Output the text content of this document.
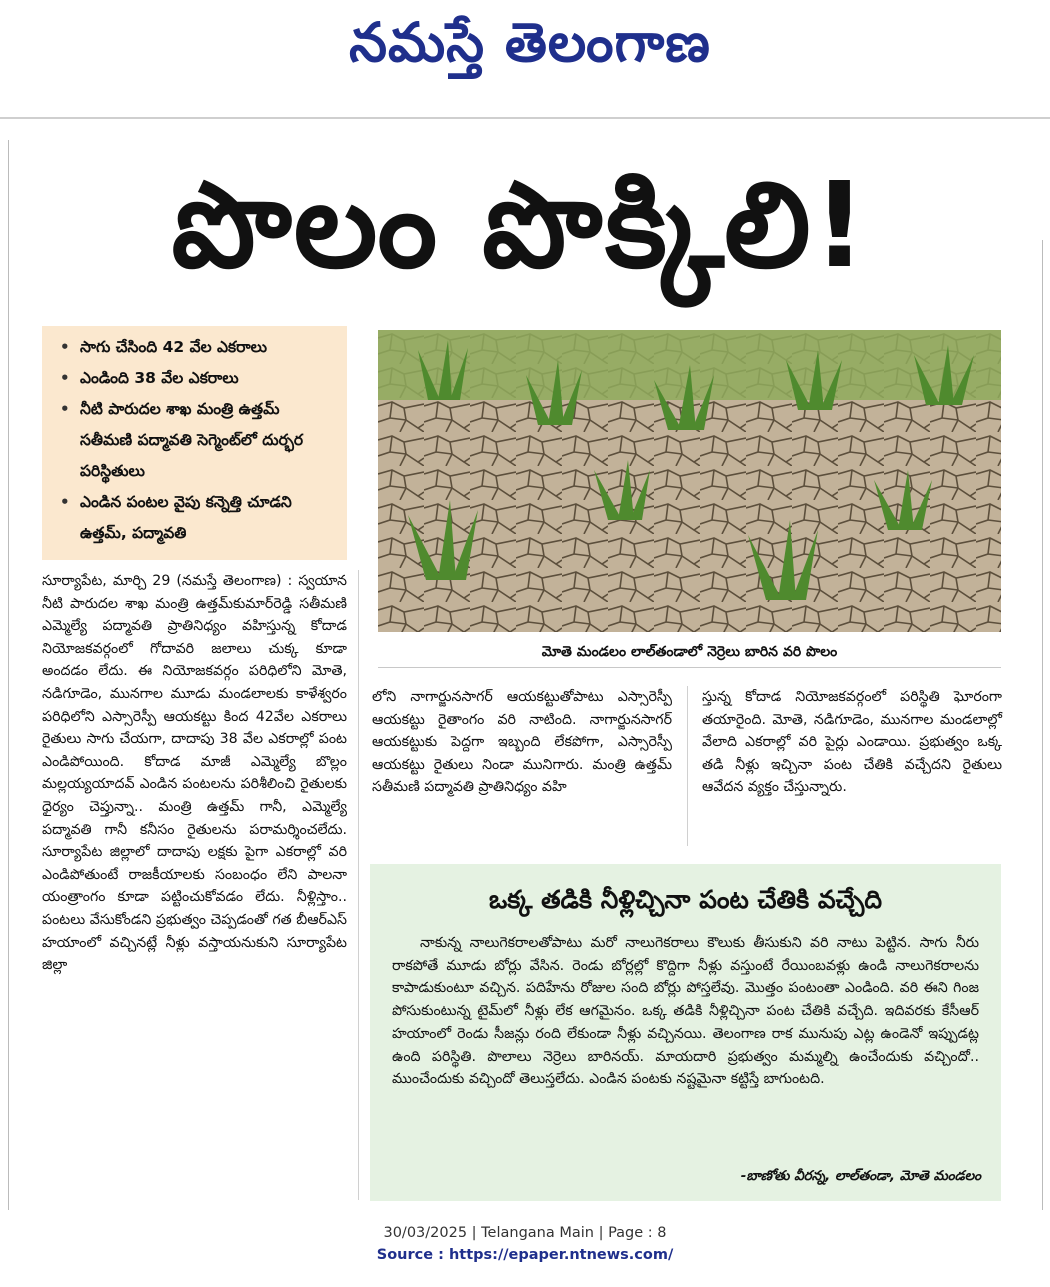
నమస్తే తెలంగాణ
పొలం పొక్కిలి!
• సాగు చేసింది 42 వేల ఎకరాలు
• ఎండింది 38 వేల ఎకరాలు
• నీటి పారుదల శాఖ మంత్రి ఉత్తమ్ సతీమణి పద్మావతి సెగ్మెంట్‌లో దుర్భర పరిస్థితులు
• ఎండిన పంటల వైపు కన్నెత్తి చూడని ఉత్తమ్, పద్మావతి
మోతె మండలం లాల్‌తండాలో నెర్రెలు బారిన వరి పొలం

సూర్యాపేట, మార్చి 29 (నమస్తే తెలంగాణ) : స్వయాన నీటి పారుదల శాఖ మంత్రి ఉత్తమ్‌కుమార్‌రెడ్డి సతీమణి ఎమ్మెల్యే పద్మావతి ప్రాతినిధ్యం వహిస్తున్న కోదాడ నియోజకవర్గంలో గోదావరి జలాలు చుక్క కూడా అందడం లేదు. ఈ నియోజకవర్గం పరిధిలోని మోతె, నడిగూడెం, మునగాల మూడు మండలాలకు కాళేశ్వరం పరిధిలోని ఎస్సారెస్పీ ఆయకట్టు కింద 42వేల ఎకరాలు రైతులు సాగు చేయగా, దాదాపు 38 వేల ఎకరాల్లో పంట ఎండిపోయింది. కోదాడ మాజీ ఎమ్మెల్యే బొల్లం మల్లయ్యయాదవ్ ఎండిన పంటలను పరిశీలించి రైతులకు ధైర్యం చెప్తున్నా.. మంత్రి ఉత్తమ్ గానీ, ఎమ్మెల్యే పద్మావతి గానీ కనీసం రైతులను పరామర్శించలేదు. సూర్యాపేట జిల్లాలో దాదాపు లక్షకు పైగా ఎకరాల్లో వరి ఎండిపోతుంటే రాజకీయాలకు సంబంధం లేని పాలనా యంత్రాంగం కూడా పట్టించుకోవడం లేదు. నీళ్లిస్తాం.. పంటలు వేసుకోండని ప్రభుత్వం చెప్పడంతో గత బీఆర్‌ఎస్ హయాంలో వచ్చినట్లే నీళ్లు వస్తాయనుకుని సూర్యాపేట జిల్లా

లోని నాగార్జునసాగర్ ఆయకట్టుతోపాటు ఎస్సారెస్పీ ఆయకట్టు రైతాంగం వరి నాటింది. నాగార్జునసాగర్ ఆయకట్టుకు పెద్దగా ఇబ్బంది లేకపోగా, ఎస్సారెస్పీ ఆయకట్టు రైతులు నిండా మునిగారు. మంత్రి ఉత్తమ్ సతీమణి పద్మావతి ప్రాతినిధ్యం వహి

స్తున్న కోదాడ నియోజకవర్గంలో పరిస్థితి ఘోరంగా తయారైంది. మోతె, నడిగూడెం, మునగాల మండలాల్లో వేలాది ఎకరాల్లో వరి పైర్లు ఎండాయి. ప్రభుత్వం ఒక్క తడి నీళ్లు ఇచ్చినా పంట చేతికి వచ్చేదని రైతులు ఆవేదన వ్యక్తం చేస్తున్నారు.

ఒక్క తడికి నీళ్లిచ్చినా పంట చేతికి వచ్చేది
నాకున్న నాలుగెకరాలతోపాటు మరో నాలుగెకరాలు కౌలుకు తీసుకుని వరి నాటు పెట్టిన. సాగు నీరు రాకపోతే మూడు బోర్లు వేసిన. రెండు బోర్లల్లో కొద్దిగా నీళ్లు వస్తుంటే రేయింబవళ్లు ఉండి నాలుగెకరాలను కాపాడుకుంటూ వచ్చిన. పదిహేను రోజుల సంది బోర్లు పోస్తలేవు. మొత్తం పంటంతా ఎండింది. వరి ఈని గింజ పోసుకుంటున్న టైమ్‌లో నీళ్లు లేక ఆగమైనం. ఒక్క తడికి నీళ్లిచ్చినా పంట చేతికి వచ్చేది. ఇదివరకు కేసీఆర్ హయాంలో రెండు సీజన్లు రంది లేకుండా నీళ్లు వచ్చినయి. తెలంగాణ రాక మునుపు ఎట్ల ఉండెనో ఇప్పుడట్ల ఉంది పరిస్థితి. పొలాలు నెర్రెలు బారినయ్. మాయదారి ప్రభుత్వం మమ్మల్ని ఉంచేందుకు వచ్చిందో.. ముంచేందుకు వచ్చిందో తెలుస్తలేదు. ఎండిన పంటకు నష్టమైనా కట్టిస్తే బాగుంటది.
-బాణోతు వీరన్న, లాల్‌తండా, మోతె మండలం
30/03/2025 | Telangana Main | Page : 8
Source : https://epaper.ntnews.com/
